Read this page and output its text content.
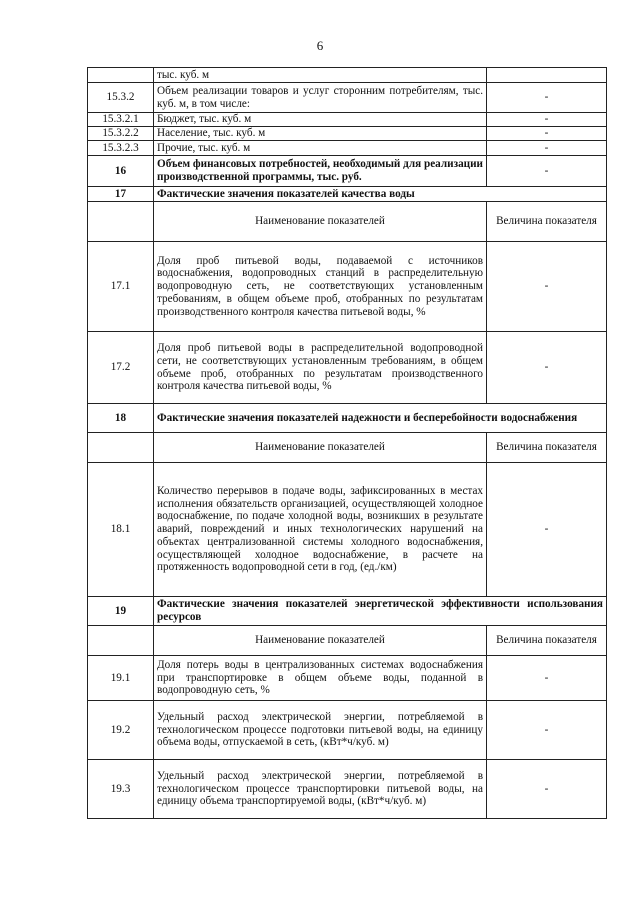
6
	тыс. куб. м	
15.3.2	Объем реализации товаров и услуг сторонним потребителям, тыс. куб. м, в том числе:	-
15.3.2.1	Бюджет, тыс. куб. м	-
15.3.2.2	Население, тыс. куб. м	-
15.3.2.3	Прочие, тыс. куб. м	-
16	Объем финансовых потребностей, необходимый для реализации производственной программы, тыс. руб.	-
17	Фактические значения показателей качества воды	
	Наименование показателей	Величина показателя
17.1	Доля проб питьевой воды, подаваемой с источников водоснабжения, водопроводных станций в распределительную водопроводную сеть, не соответствующих установленным требованиям, в общем объеме проб, отобранных по результатам производственного контроля качества питьевой воды, %	-
17.2	Доля проб питьевой воды в распределительной водопроводной сети, не соответствующих установленным требованиям, в общем объеме проб, отобранных по результатам производственного контроля качества питьевой воды, %	-
18	Фактические значения показателей надежности и бесперебойности водоснабжения	
	Наименование показателей	Величина показателя
18.1	Количество перерывов в подаче воды, зафиксированных в местах исполнения обязательств организацией, осуществляющей холодное водоснабжение, по подаче холодной воды, возникших в результате аварий, повреждений и иных технологических нарушений на объектах централизованной системы холодного водоснабжения, осуществляющей холодное водоснабжение, в расчете на протяженность водопроводной сети в год, (ед./км)	-
19	Фактические значения показателей энергетической эффективности использования ресурсов	
	Наименование показателей	Величина показателя
19.1	Доля потерь воды в централизованных системах водоснабжения при транспортировке в общем объеме воды, поданной в водопроводную сеть, %	-
19.2	Удельный расход электрической энергии, потребляемой в технологическом процессе подготовки питьевой воды, на единицу объема воды, отпускаемой в сеть, (кВт*ч/куб. м)	-
19.3	Удельный расход электрической энергии, потребляемой в технологическом процессе транспортировки питьевой воды, на единицу объема транспортируемой воды, (кВт*ч/куб. м)	-
